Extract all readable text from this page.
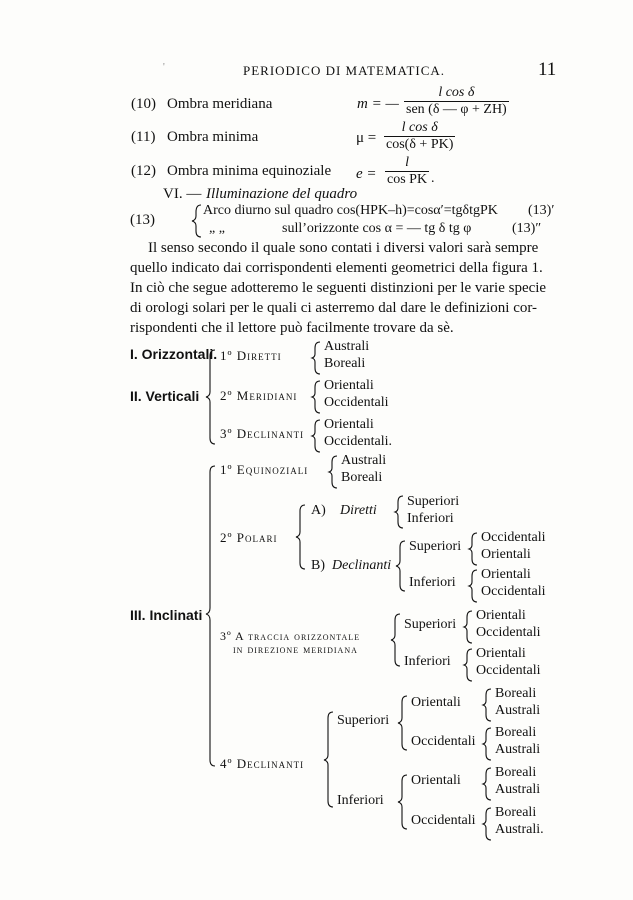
'	PERIODICO DI MATEMATICA.	11
(10) Ombra meridiana	m = —
l cos δ
sen (δ — φ + ZH)
(11) Ombra minima	$\mu = \frac{\text{l cos δ}}{\cos(\delta + PK)}$
(12) Ombra minima equinoziale $e = \frac{l}{\text{cos PK}}$ .
VI. — Illuminazione del quadro
(13)
Arco diurno sul quadro cos(HPK–h)=cosα′=tgδtgPK (13)′
„ „	sull’orizzonte cos α = — tg δ tg φ	(13)″
Il senso secondo il quale sono contati i diversi valori sarà sempre
quello indicato dai corrispondenti elementi geometrici della figura 1.
In ciò che segue adotteremo le seguenti distinzioni per le varie specie
di orologi solari per le quali ci asterremo dal dare le definizioni cor-
rispondenti che il lettore può facilmente trovare da sè.
I. Orizzontali.
II. Verticali
1º Diretti
Australi
Boreali
2º Meridiani
Orientali
Occidentali
3º Declinanti
Orientali
Occidentali.
III. Inclinati
1º Equinoziali
Australi
Boreali
2º Polari
A) Diretti
Superiori
Inferiori
B) Declinanti
Superiori
Occidentali
Orientali
Inferiori
Orientali
Occidentali
3º A traccia orizzontale
in direzione meridiana
Superiori
Orientali
Occidentali
Inferiori
Orientali
Occidentali
4º Declinanti
Superiori
Orientali
Boreali
Australi
Occidentali
Boreali
Australi
Inferiori
Orientali
Boreali
Australi
Occidentali
Boreali
Australi.
